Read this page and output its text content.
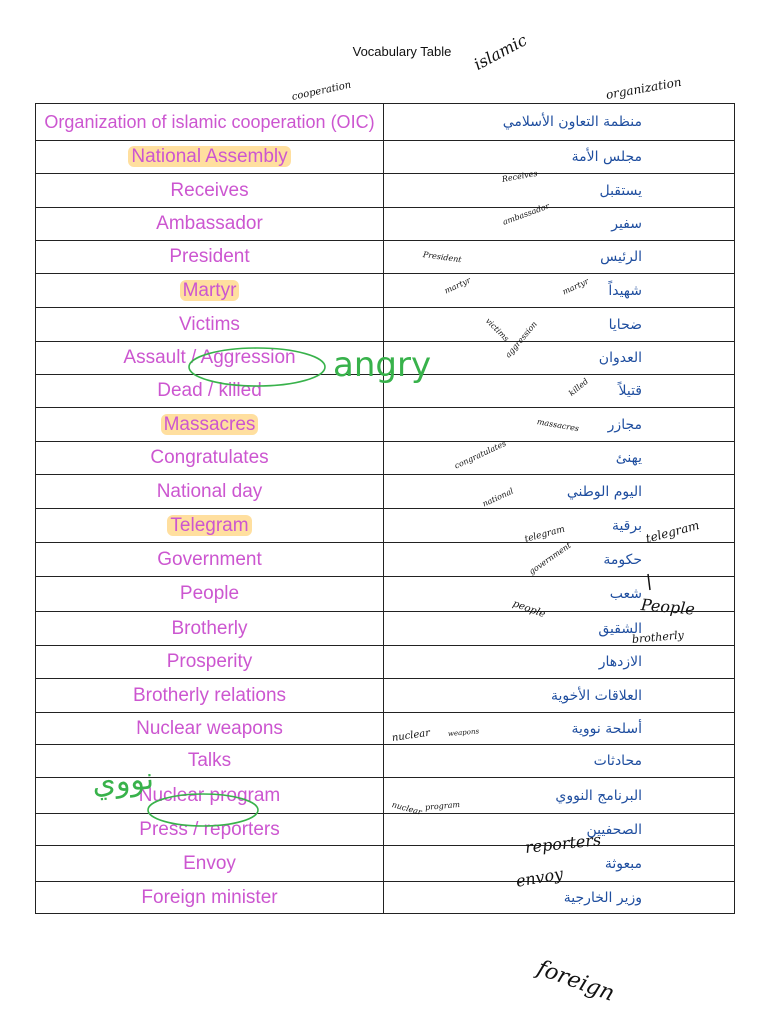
Vocabulary Table
Organization of islamic cooperation (OIC)	منظمة التعاون الأسلامي
National Assembly	مجلس الأمة
Receives	يستقبل
Ambassador	سفير
President	الرئيس
Martyr	شهيداً
Victims	ضحايا
Assault / Aggression	العدوان
Dead / killed	قتيلاً
Massacres	مجازر
Congratulates	يهنئ
National day	اليوم الوطني
Telegram	برقية
Government	حكومة
People	شعب
Brotherly	الشقيق
Prosperity	الازدهار
Brotherly relations	العلاقات الأخوية
Nuclear weapons	أسلحة نووية
Talks	محادثات
Nuclear program	البرنامج النووي
Press / reporters	الصحفيين
Envoy	مبعوثة
Foreign minister	وزير الخارجية
islamic
cooperation	organization
Receives
ambassador
President
martyr	martyr
victims
aggression
angry
killed
massacres
congratulates
national
telegram	telegram
government
people	People
brotherly
nuclear weapons
نووي
nuclear program
reporters
envoy
foreign
